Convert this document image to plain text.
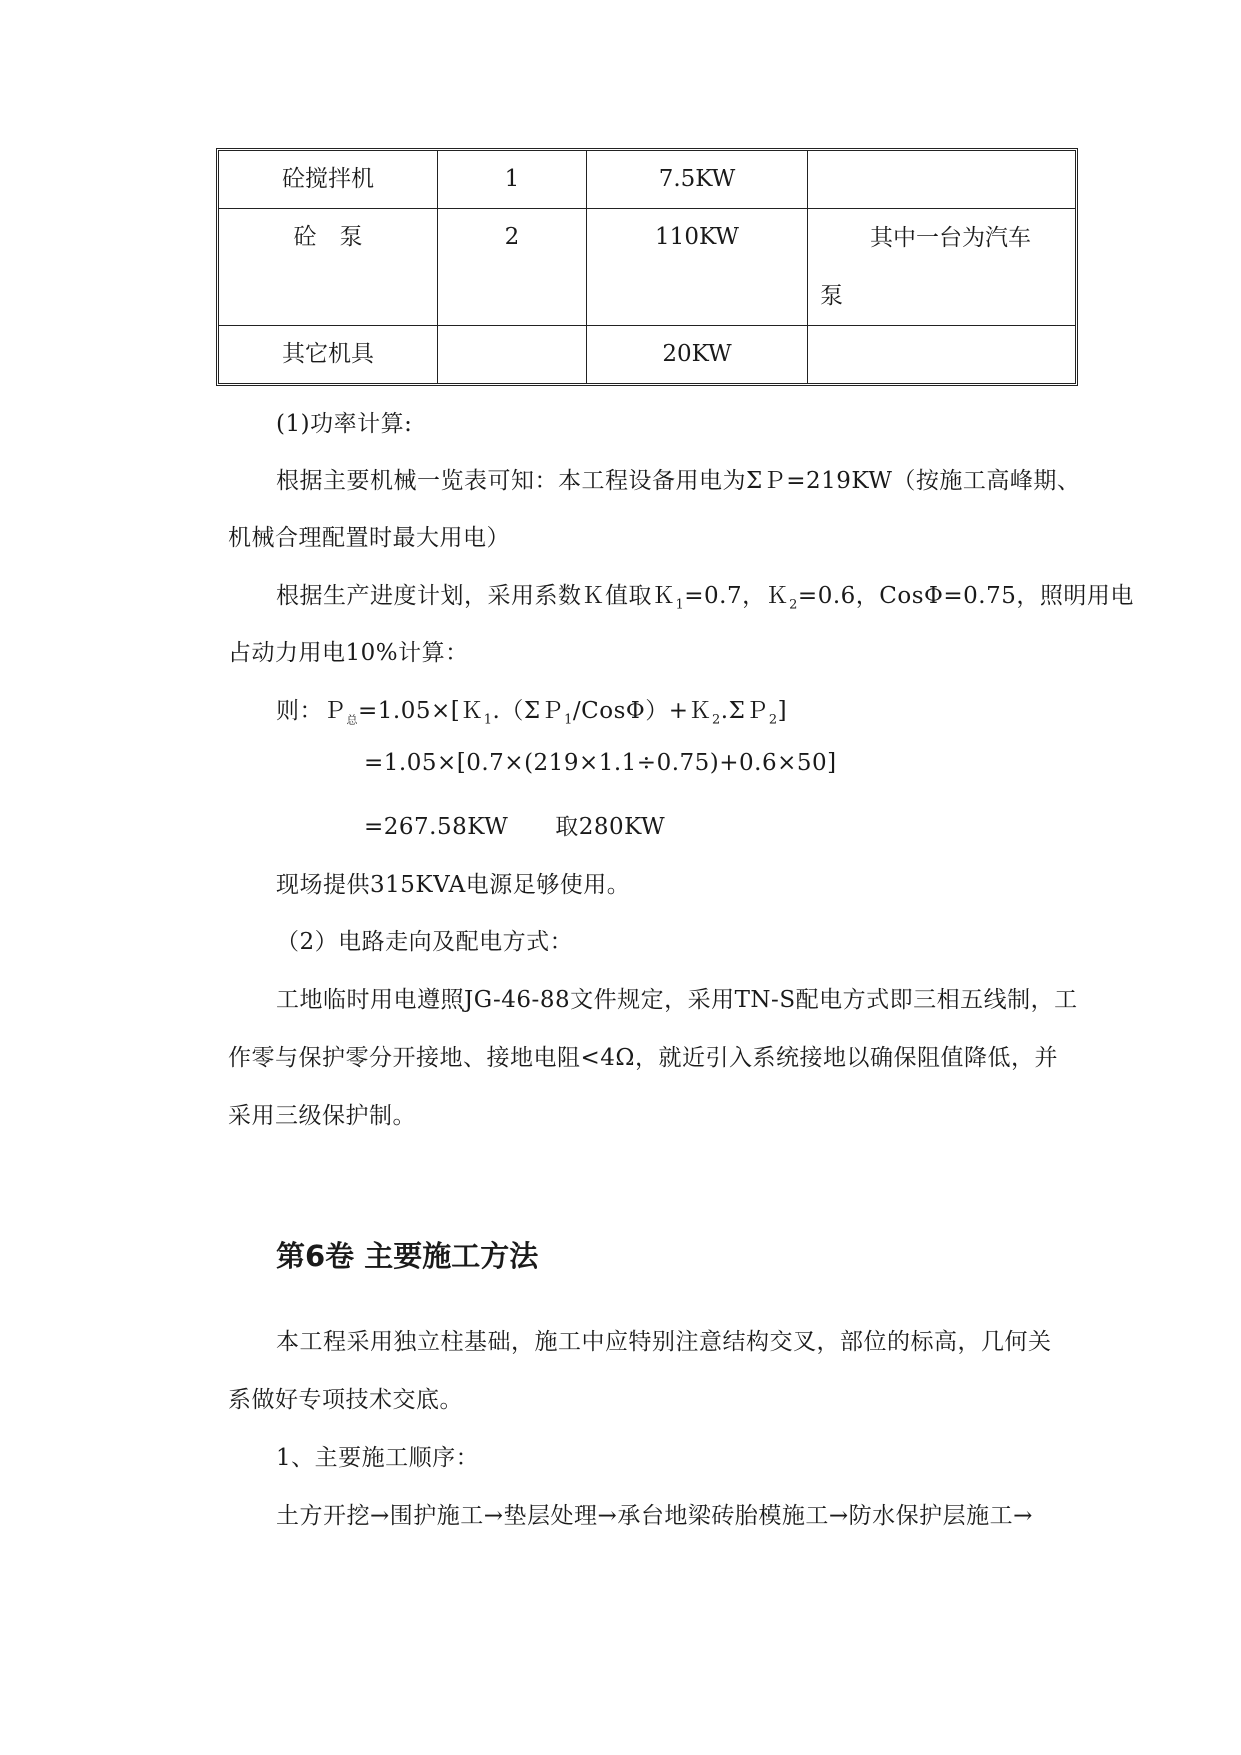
砼搅拌机	1	7.5KW	
砼　泵	2	110KW	其中一台为汽车
泵

其它机具		20KW	
(1)功率计算:
根据主要机械一览表可知：本工程设备用电为ΣＰ=219KW（按施工高峰期、
机械合理配置时最大用电）
根据生产进度计划，采用系数Ｋ值取Ｋ$_1$=0.7，Ｋ$_2$=0.6，CosΦ=0.75，照明用电
占动力用电10%计算：
则：Ｐ$_总$=1.05×[Ｋ$_1$.（ΣＰ$_1$/CosΦ）+Ｋ$_2$.ΣＰ$_2$]
=1.05×[0.7×(219×1.1÷0.75)+0.6×50]
=267.58KW　　取280KW
现场提供315KVA电源足够使用。
（2）电路走向及配电方式：
工地临时用电遵照JG-46-88文件规定，采用TN-S配电方式即三相五线制，工
作零与保护零分开接地、接地电阻<4Ω，就近引入系统接地以确保阻值降低，并
采用三级保护制。
第6卷 主要施工方法
本工程采用独立柱基础，施工中应特别注意结构交叉，部位的标高，几何关
系做好专项技术交底。
1、主要施工顺序：
土方开挖→围护施工→垫层处理→承台地梁砖胎模施工→防水保护层施工→
